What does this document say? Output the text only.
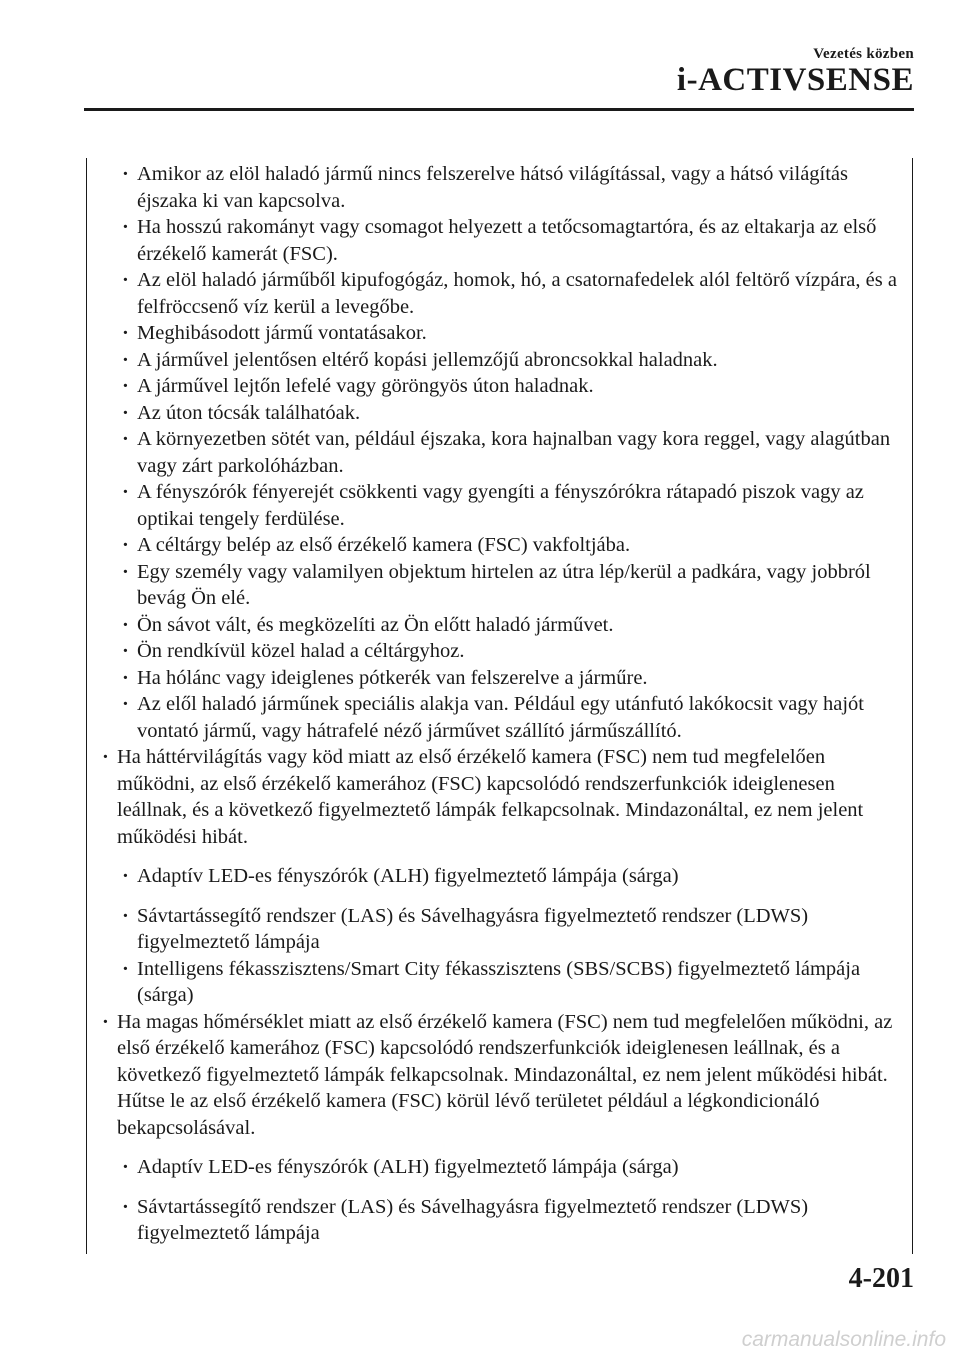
Vezetés közben
i-ACTIVSENSE

· Amikor az elöl haladó jármű nincs felszerelve hátsó világítással, vagy a hátsó világítás éjszaka ki van kapcsolva.

· Ha hosszú rakományt vagy csomagot helyezett a tetőcsomagtartóra, és az eltakarja az első érzékelő kamerát (FSC).

· Az elöl haladó járműből kipufogógáz, homok, hó, a csatornafedelek alól feltörő vízpára, és a felfröccsenő víz kerül a levegőbe.

· Meghibásodott jármű vontatásakor.

· A járművel jelentősen eltérő kopási jellemzőjű abroncsokkal haladnak.

· A járművel lejtőn lefelé vagy göröngyös úton haladnak.

· Az úton tócsák találhatóak.

· A környezetben sötét van, például éjszaka, kora hajnalban vagy kora reggel, vagy alagútban vagy zárt parkolóházban.

· A fényszórók fényerejét csökkenti vagy gyengíti a fényszórókra rátapadó piszok vagy az optikai tengely ferdülése.

· A céltárgy belép az első érzékelő kamera (FSC) vakfoltjába.

· Egy személy vagy valamilyen objektum hirtelen az útra lép/kerül a padkára, vagy jobbról bevág Ön elé.

· Ön sávot vált, és megközelíti az Ön előtt haladó járművet.

· Ön rendkívül közel halad a céltárgyhoz.

· Ha hólánc vagy ideiglenes pótkerék van felszerelve a járműre.

· Az elől haladó járműnek speciális alakja van. Például egy utánfutó lakókocsit vagy hajót vontató jármű, vagy hátrafelé néző járművet szállító járműszállító.

· Ha háttérvilágítás vagy köd miatt az első érzékelő kamera (FSC) nem tud megfelelően működni, az első érzékelő kamerához (FSC) kapcsolódó rendszerfunkciók ideiglenesen leállnak, és a következő figyelmeztető lámpák felkapcsolnak. Mindazonáltal, ez nem jelent működési hibát.

· Adaptív LED-es fényszórók (ALH) figyelmeztető lámpája (sárga)

· Sávtartássegítő rendszer (LAS) és Sávelhagyásra figyelmeztető rendszer (LDWS) figyelmeztető lámpája

· Intelligens fékasszisztens/Smart City fékasszisztens (SBS/SCBS) figyelmeztető lámpája (sárga)

· Ha magas hőmérséklet miatt az első érzékelő kamera (FSC) nem tud megfelelően működni, az első érzékelő kamerához (FSC) kapcsolódó rendszerfunkciók ideiglenesen leállnak, és a következő figyelmeztető lámpák felkapcsolnak. Mindazonáltal, ez nem jelent működési hibát. Hűtse le az első érzékelő kamera (FSC) körül lévő területet például a légkondicionáló bekapcsolásával.

· Adaptív LED-es fényszórók (ALH) figyelmeztető lámpája (sárga)

· Sávtartássegítő rendszer (LAS) és Sávelhagyásra figyelmeztető rendszer (LDWS) figyelmeztető lámpája

4-201
carmanualsonline.info
